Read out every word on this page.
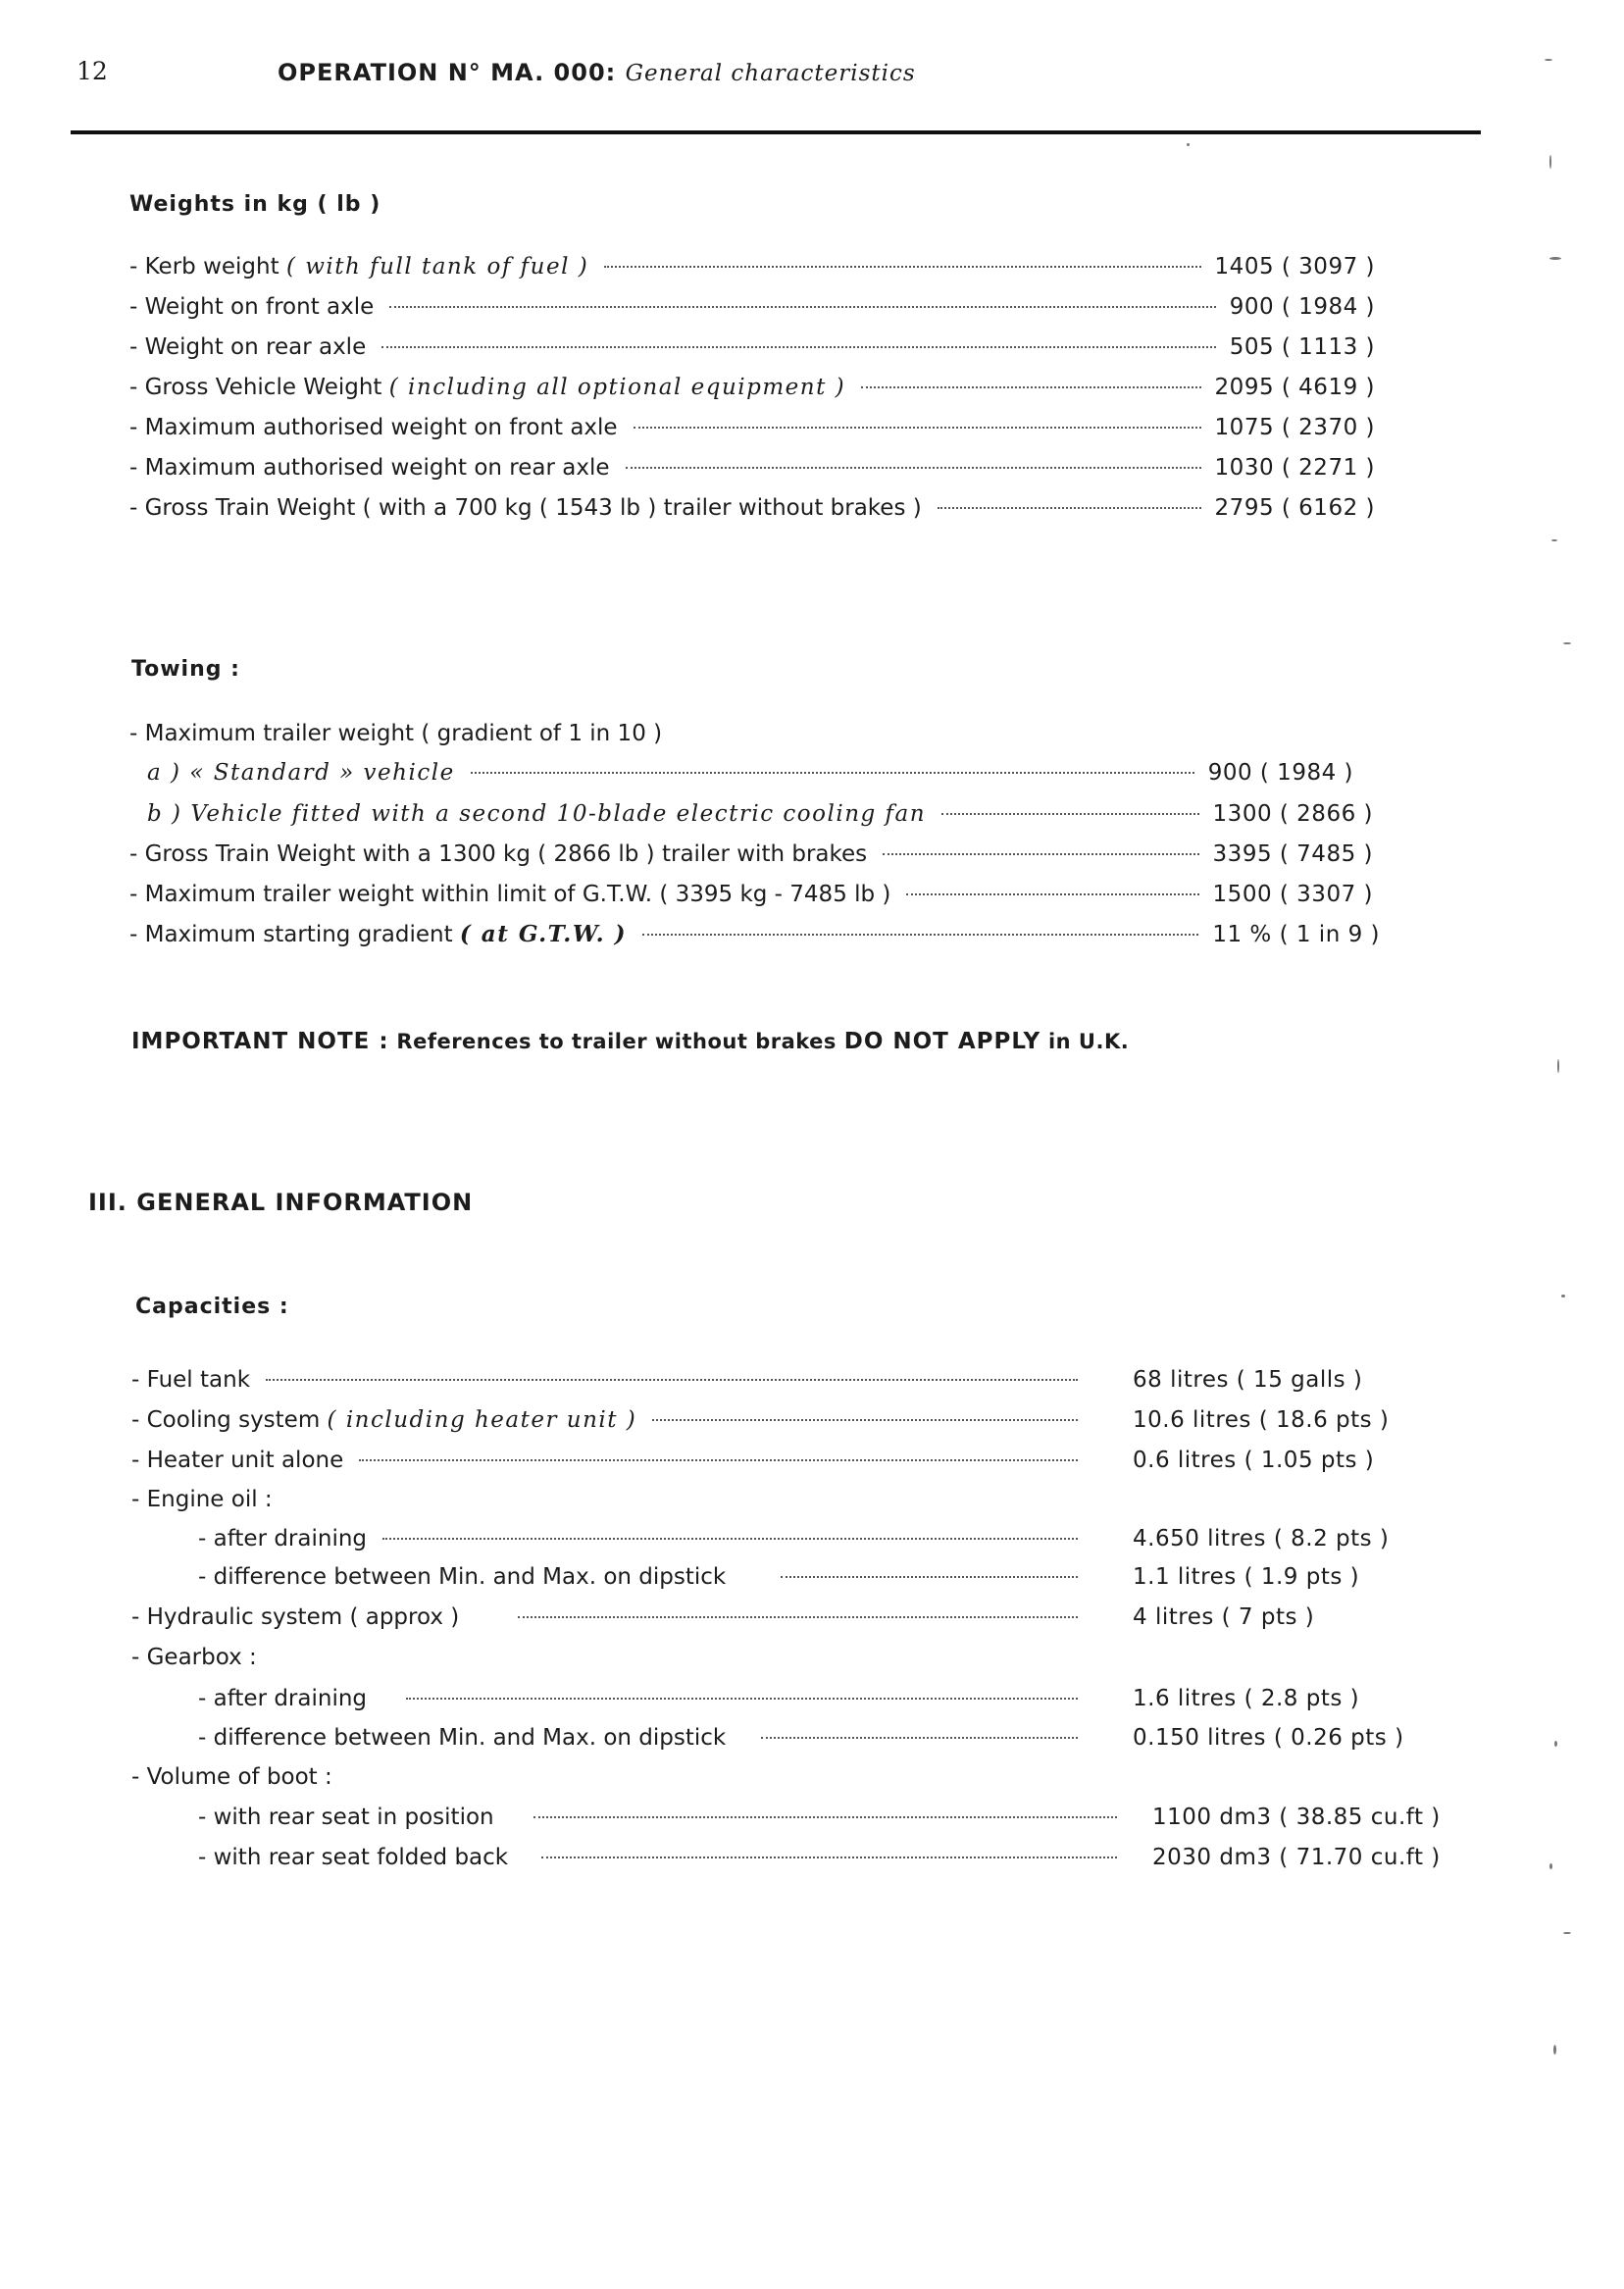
12	OPERATION N° MA. 000: General characteristics
Weights in kg ( lb )
- Kerb weight ( with full tank of fuel )	1405 ( 3097 )
- Weight on front axle	900 ( 1984 )
- Weight on rear axle	505 ( 1113 )
- Gross Vehicle Weight ( including all optional equipment )	2095 ( 4619 )
- Maximum authorised weight on front axle	1075 ( 2370 )
- Maximum authorised weight on rear axle	1030 ( 2271 )
- Gross Train Weight ( with a 700 kg ( 1543 lb ) trailer without brakes )	2795 ( 6162 )
Towing :
- Maximum trailer weight ( gradient of 1 in 10 )
a ) « Standard » vehicle	900 ( 1984 )
b ) Vehicle fitted with a second 10-blade electric cooling fan	1300 ( 2866 )
- Gross Train Weight with a 1300 kg ( 2866 lb ) trailer with brakes	3395 ( 7485 )
- Maximum trailer weight within limit of G.T.W. ( 3395 kg - 7485 lb )	1500 ( 3307 )
- Maximum starting gradient ( at G.T.W. )	11 % ( 1 in 9 )
IMPORTANT NOTE : References to trailer without brakes DO NOT APPLY in U.K.
III. GENERAL INFORMATION
Capacities :
- Fuel tank	68 litres ( 15 galls )
- Cooling system ( including heater unit )	10.6 litres ( 18.6 pts )
- Heater unit alone	0.6 litres ( 1.05 pts )
- Engine oil :
- after draining	4.650 litres ( 8.2 pts )
- difference between Min. and Max. on dipstick	1.1 litres ( 1.9 pts )
- Hydraulic system ( approx )	4 litres ( 7 pts )
- Gearbox :
- after draining	1.6 litres ( 2.8 pts )
- difference between Min. and Max. on dipstick	0.150 litres ( 0.26 pts )
- Volume of boot :
- with rear seat in position	1100 dm3 ( 38.85 cu.ft )
- with rear seat folded back	2030 dm3 ( 71.70 cu.ft )
